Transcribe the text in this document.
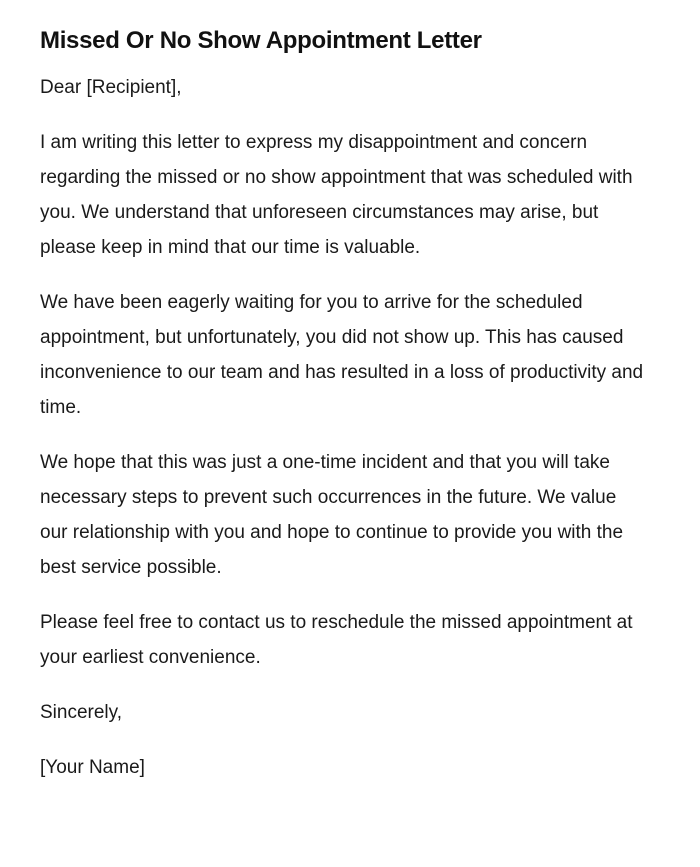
Missed Or No Show Appointment Letter

Dear [Recipient],

I am writing this letter to express my disappointment and concern regarding the missed or no show appointment that was scheduled with you. We understand that unforeseen circumstances may arise, but please keep in mind that our time is valuable.

We have been eagerly waiting for you to arrive for the scheduled appointment, but unfortunately, you did not show up. This has caused inconvenience to our team and has resulted in a loss of productivity and time.

We hope that this was just a one-time incident and that you will take necessary steps to prevent such occurrences in the future. We value our relationship with you and hope to continue to provide you with the best service possible.

Please feel free to contact us to reschedule the missed appointment at your earliest convenience.

Sincerely,

[Your Name]
